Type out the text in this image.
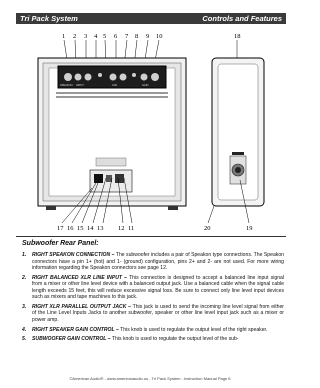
Tri Pack System	Controls and Features
1 2 3 4 5 6 7 8 9 10	18
SPEAKON INPUT	XLR	GAIN
17 16 15 14 13 12 11	20	19
Subwoofer Rear Panel:
1. RIGHT SPEAKON CONNECTION – The subwoofer includes a pair of Speakon type connections. The Speakon connectors have a pin 1+ (hot) and 1- (ground) configuration, pins 2+ and 2- are not used. For more wiring information regarding the Speakon connectors see page 12.
2. RIGHT BALANCED XLR LINE INPUT – This connection is designed to accept a balanced line input signal from a mixer or other line level device with a balanced output jack. Use a balanced cable when the signal cable length exceeds 15 feet, this will reduce excessive signal loss. Be sure to connect only line level input devices such as mixers and tape machines to this jack.
3. RIGHT XLR PARALLEL OUTPUT JACK – This jack is used to send the incoming line level signal from either of the Line Level Inputs Jacks to another subwoofer, speaker or other line level input jack such as a mixer or power amp.
4. RIGHT SPEAKER GAIN CONTROL – This knob is used to regulate the output level of the right speaker.
5. SUBWOOFER GAIN CONTROL – This knob is used to regulate the output level of the sub-
©American Audio® - www.americanaudio.us - Tri Pack System - Instruction Manual Page 6
